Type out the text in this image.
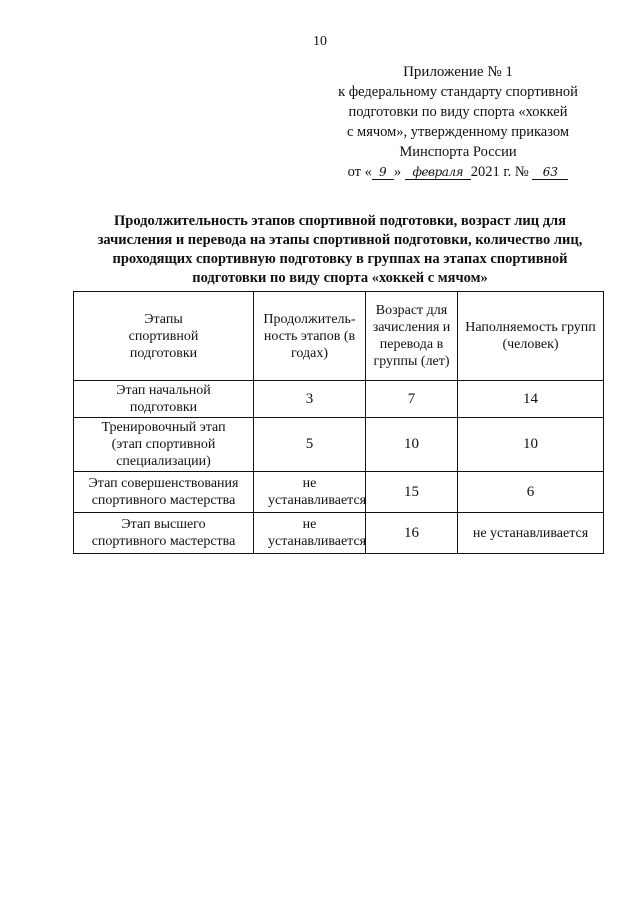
10
Приложение № 1
к федеральному стандарту спортивной
подготовки по виду спорта «хоккей
с мячом», утвержденному приказом
Минспорта России
от « 9 » февраля 2021 г. № 63
Продолжительность этапов спортивной подготовки, возраст лиц для зачисления и перевода на этапы спортивной подготовки, количество лиц, проходящих спортивную подготовку в группах на этапах спортивной подготовки по виду спорта «хоккей с мячом»
Этапы спортивной подготовки	Продолжитель-ность этапов (в годах)	Возраст для зачисления и перевода в группы (лет)	Наполняемость групп (человек)
Этап начальной подготовки	3	7	14
Тренировочный этап (этап спортивной специализации)	5	10	10
Этап совершенствования спортивного мастерства	не устанавливается	15	6
Этап высшего спортивного мастерства	не устанавливается	16	не устанавливается
